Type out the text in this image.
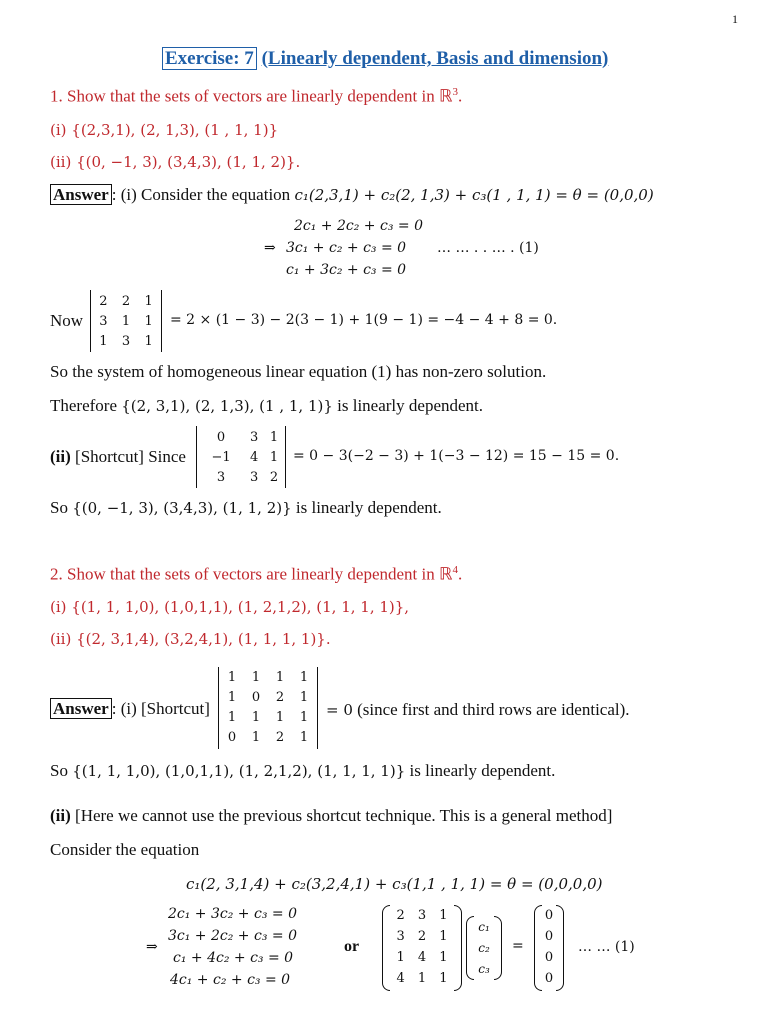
1
Exercise: 7 (Linearly dependent, Basis and dimension)
1. Show that the sets of vectors are linearly dependent in ℝ$^3$.
(i) {(2,3,1), (2, 1,3), (1 , 1, 1)}
(ii) {(0, −1, 3), (3,4,3), (1, 1, 2)}.
Answer : (i) Consider the equation c₁(2,3,1) + c₂(2, 1,3) + c₃(1 , 1, 1) = θ = (0,0,0)
2c₁ + 2c₂ + c₃ = 0
⇒ 3c₁ + c₂ + c₃ = 0
c₁ + 3c₂ + c₃ = 0
… … . . … . (1)
Now
2	2	1
3	1	1
1	3	1
= 2 × (1 − 3) − 2(3 − 1) + 1(9 − 1) = −4 − 4 + 8 = 0.
So the system of homogeneous linear equation (1) has non-zero solution.
Therefore {(2, 3,1), (2, 1,3), (1 , 1, 1)} is linearly dependent.
(ii) [Shortcut] Since
0	3	1
−1	4	1
3	3	2
= 0 − 3(−2 − 3) + 1(−3 − 12) = 15 − 15 = 0.
So {(0, −1, 3), (3,4,3), (1, 1, 2)} is linearly dependent.
2. Show that the sets of vectors are linearly dependent in ℝ$^4$.
(i) {(1, 1, 1,0), (1,0,1,1), (1, 2,1,2), (1, 1, 1, 1)},
(ii) {(2, 3,1,4), (3,2,4,1), (1, 1, 1, 1)}.
Answer : (i) [Shortcut]
1	1	1	1
1	0	2	1
1	1	1	1
0	1	2	1
= 0 (since first and third rows are identical).
So {(1, 1, 1,0), (1,0,1,1), (1, 2,1,2), (1, 1, 1, 1)} is linearly dependent.
(ii) [Here we cannot use the previous shortcut technique. This is a general method]
Consider the equation
c₁(2, 3,1,4) + c₂(3,2,4,1) + c₃(1,1 , 1, 1) = θ = (0,0,0,0)
2c₁ + 3c₂ + c₃ = 0
⇒
3c₁ + 2c₂ + c₃ = 0
c₁ + 4c₂ + c₃ = 0
4c₁ + c₂ + c₃ = 0
or
2	3	1
3	2	1
1	4	1
4	1	1
c₁
c₂
c₃
=
0
0
0
0
… … (1)
